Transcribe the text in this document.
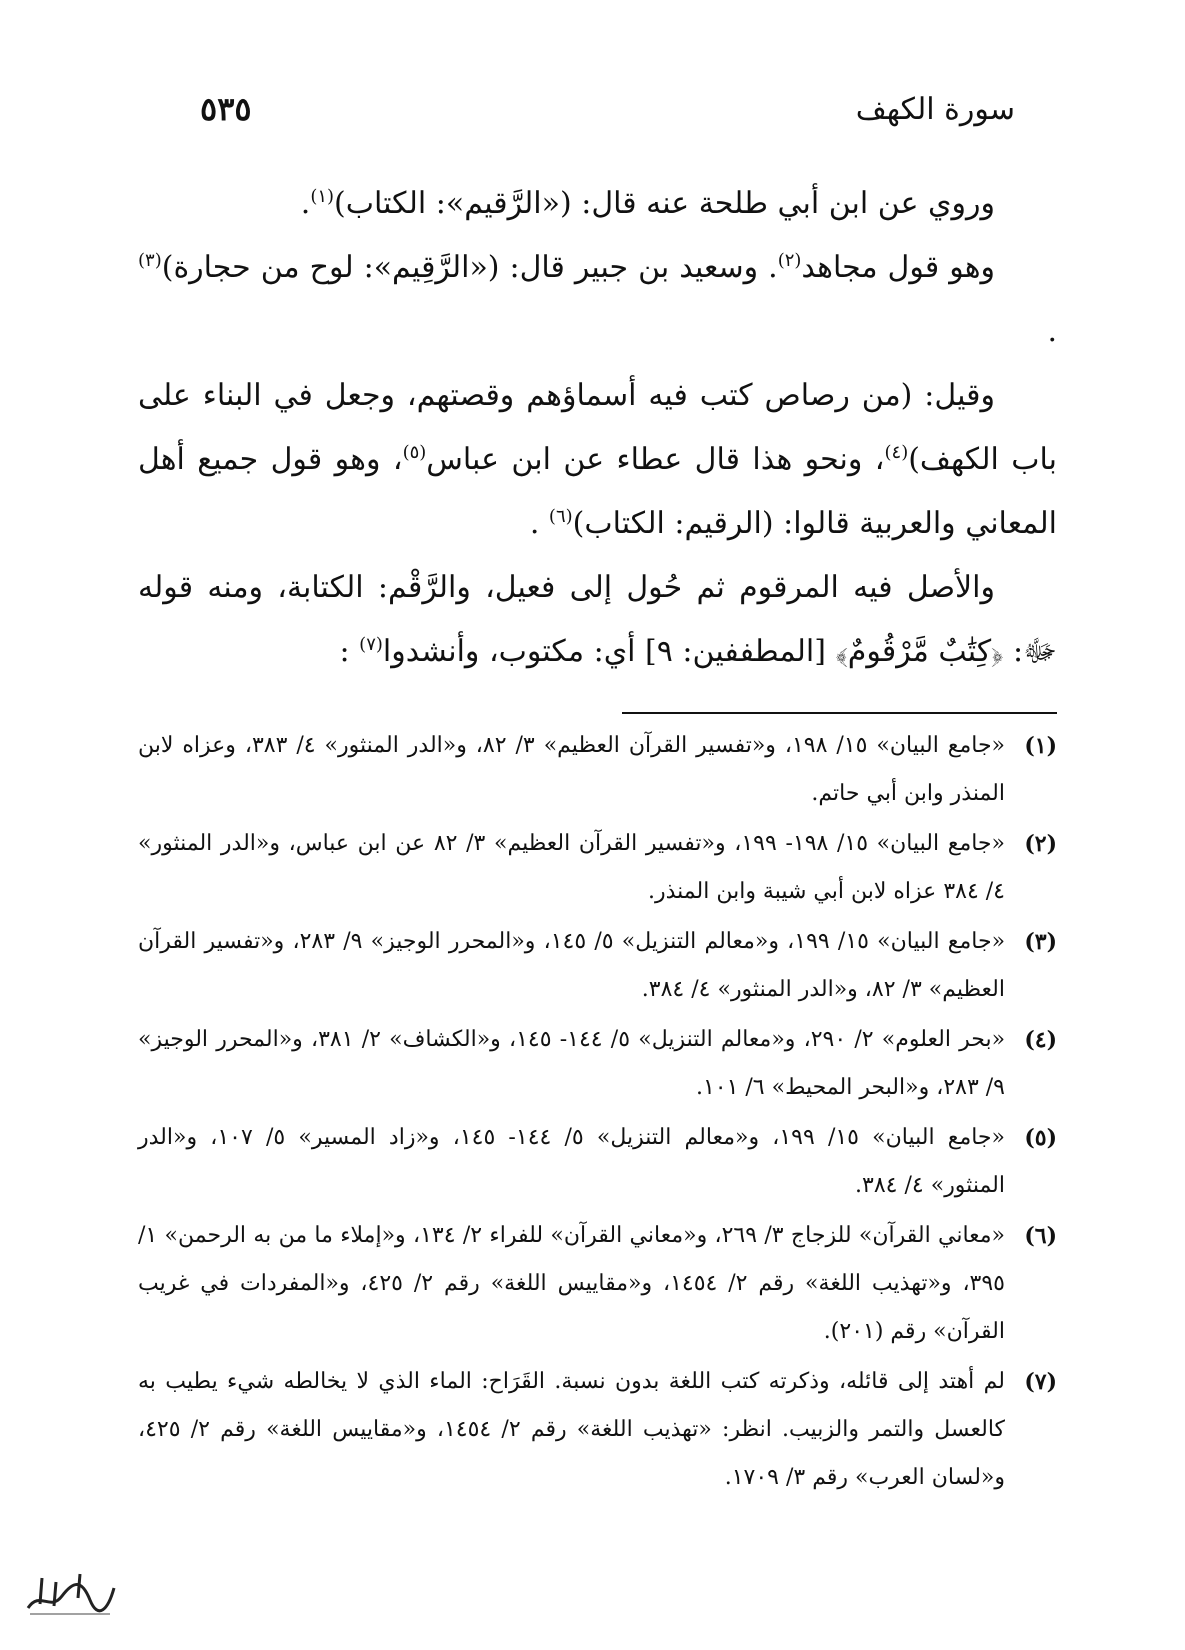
سورة الكهف
٥٣٥

وروي عن ابن أبي طلحة عنه قال: («الرَّقيم»: الكتاب)$^{(١)}$.

وهو قول مجاهد$^{(٢)}$. وسعيد بن جبير قال: («الرَّقِيم»: لوح من حجارة)$^{(٣)}$ .

وقيل: (من رصاص كتب فيه أسماؤهم وقصتهم، وجعل في البناء على باب الكهف)$^{(٤)}$، ونحو هذا قال عطاء عن ابن عباس$^{(٥)}$، وهو قول جميع أهل المعاني والعربية قالوا: (الرقيم: الكتاب)$^{(٦)}$ .

والأصل فيه المرقوم ثم حُول إلى فعيل، والرَّقْم: الكتابة، ومنه قوله ﷻ: ﴿كِتَٰبٌ مَّرْقُومٌ﴾ [المطففين: ٩] أي: مكتوب، وأنشدوا$^{(٧)}$ :

(١)
«جامع البيان» ١٥/ ١٩٨، و«تفسير القرآن العظيم» ٣/ ٨٢، و«الدر المنثور» ٤/ ٣٨٣، وعزاه لابن المنذر وابن أبي حاتم.
(٢)
«جامع البيان» ١٥/ ١٩٨- ١٩٩، و«تفسير القرآن العظيم» ٣/ ٨٢ عن ابن عباس، و«الدر المنثور» ٤/ ٣٨٤ عزاه لابن أبي شيبة وابن المنذر.
(٣)
«جامع البيان» ١٥/ ١٩٩، و«معالم التنزيل» ٥/ ١٤٥، و«المحرر الوجيز» ٩/ ٢٨٣، و«تفسير القرآن العظيم» ٣/ ٨٢، و«الدر المنثور» ٤/ ٣٨٤.
(٤)
«بحر العلوم» ٢/ ٢٩٠، و«معالم التنزيل» ٥/ ١٤٤- ١٤٥، و«الكشاف» ٢/ ٣٨١، و«المحرر الوجيز» ٩/ ٢٨٣، و«البحر المحيط» ٦/ ١٠١.
(٥)
«جامع البيان» ١٥/ ١٩٩، و«معالم التنزيل» ٥/ ١٤٤- ١٤٥، و«زاد المسير» ٥/ ١٠٧، و«الدر المنثور» ٤/ ٣٨٤.
(٦)
«معاني القرآن» للزجاج ٣/ ٢٦٩، و«معاني القرآن» للفراء ٢/ ١٣٤، و«إملاء ما من به الرحمن» ١/ ٣٩٥، و«تهذيب اللغة» رقم ٢/ ١٤٥٤، و«مقاييس اللغة» رقم ٢/ ٤٢٥، و«المفردات في غريب القرآن» رقم (٢٠١).
(٧)
لم أهتد إلى قائله، وذكرته كتب اللغة بدون نسبة. القَرَاح: الماء الذي لا يخالطه شيء يطيب به كالعسل والتمر والزبيب. انظر: «تهذيب اللغة» رقم ٢/ ١٤٥٤، و«مقاييس اللغة» رقم ٢/ ٤٢٥، و«لسان العرب» رقم ٣/ ١٧٠٩.
